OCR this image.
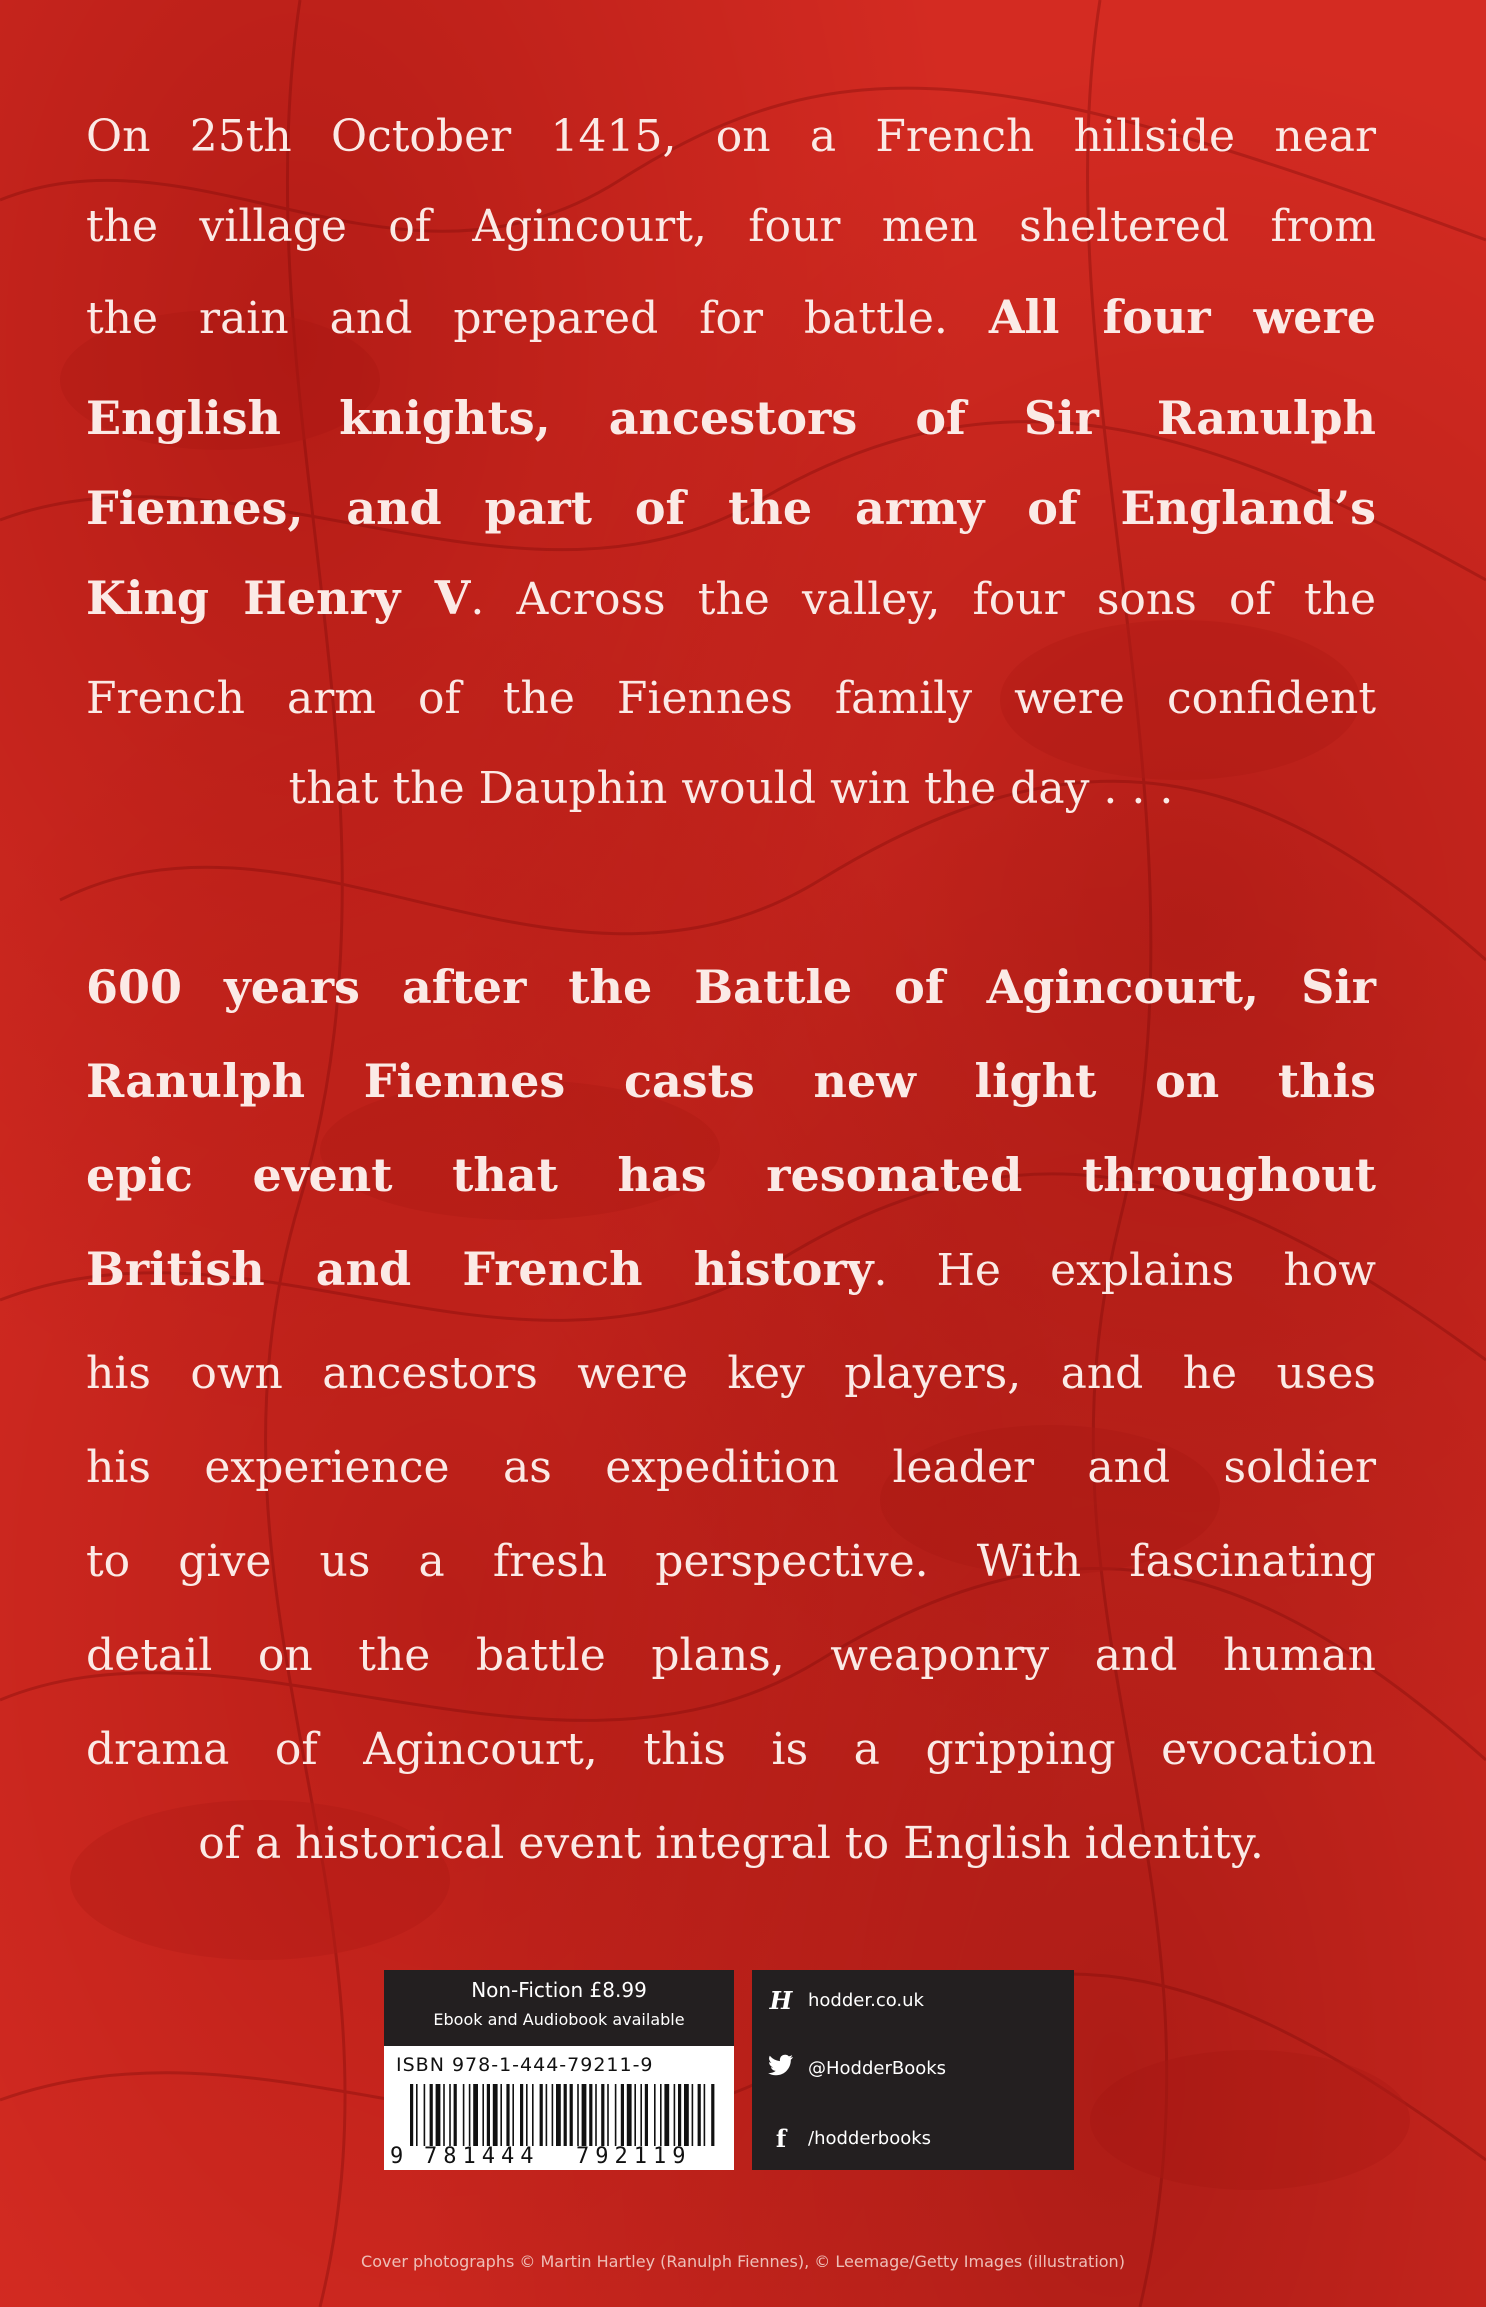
On 25th October 1415, on a French hillside near
the village of Agincourt, four men sheltered from
the rain and prepared for battle. All four were
English knights, ancestors of Sir Ranulph
Fiennes, and part of the army of England’s
King Henry V. Across the valley, four sons of the
French arm of the Fiennes family were confident
that the Dauphin would win the day . . .

600 years after the Battle of Agincourt, Sir
Ranulph Fiennes casts new light on this
epic event that has resonated throughout
British and French history. He explains how
his own ancestors were key players, and he uses
his experience as expedition leader and soldier
to give us a fresh perspective. With fascinating
detail on the battle plans, weaponry and human
drama of Agincourt, this is a gripping evocation
of a historical event integral to English identity.

Non-Fiction £8.99
Ebook and Audiobook available
ISBN 978-1-444-79211-9
9 781444 792119
H hodder.co.uk
@HodderBooks
f	/hodderbooks
Cover photographs © Martin Hartley (Ranulph Fiennes), © Leemage/Getty Images (illustration)
